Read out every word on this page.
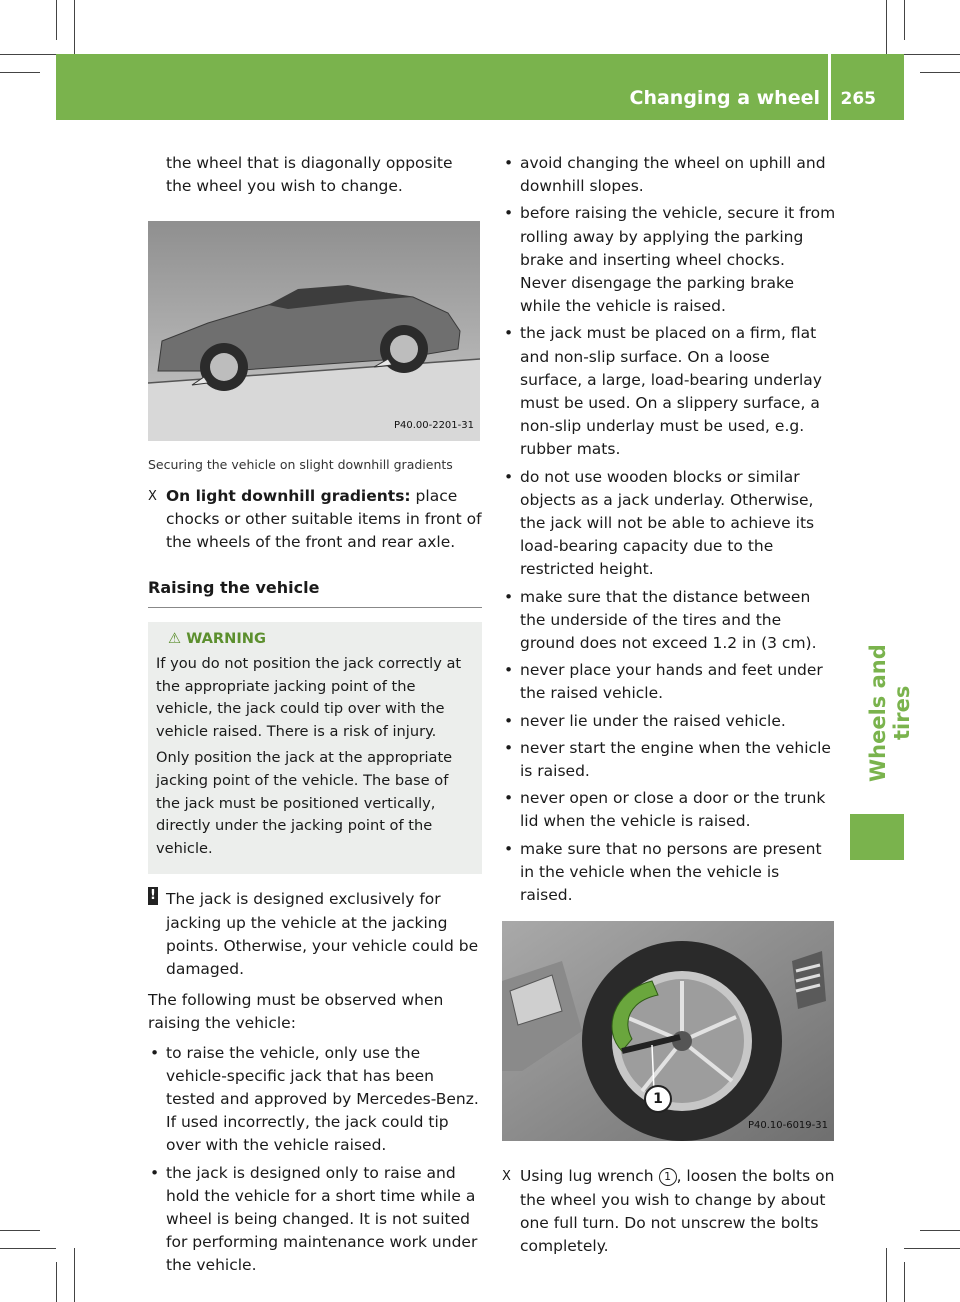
Changing a wheel 265
Wheels and tires

the wheel that is diagonally opposite the wheel you wish to change.

P40.00-2201-31

Securing the vehicle on slight downhill gradients

X On light downhill gradients: place chocks or other suitable items in front of the wheels of the front and rear axle.
Raising the vehicle
⚠ WARNING

If you do not position the jack correctly at the appropriate jacking point of the vehicle, the jack could tip over with the vehicle raised. There is a risk of injury.

Only position the jack at the appropriate jacking point of the vehicle. The base of the jack must be positioned vertically, directly under the jacking point of the vehicle.

! The jack is designed exclusively for jacking up the vehicle at the jacking points. Otherwise, your vehicle could be damaged.

The following must be observed when raising the vehicle:

• to raise the vehicle, only use the vehicle-specific jack that has been tested and approved by Mercedes-Benz. If used incorrectly, the jack could tip over with the vehicle raised.
• the jack is designed only to raise and hold the vehicle for a short time while a wheel is being changed. It is not suited for performing maintenance work under the vehicle.
• avoid changing the wheel on uphill and downhill slopes.
• before raising the vehicle, secure it from rolling away by applying the parking brake and inserting wheel chocks. Never disengage the parking brake while the vehicle is raised.
• the jack must be placed on a firm, flat and non-slip surface. On a loose surface, a large, load-bearing underlay must be used. On a slippery surface, a non-slip underlay must be used, e.g. rubber mats.
• do not use wooden blocks or similar objects as a jack underlay. Otherwise, the jack will not be able to achieve its load-bearing capacity due to the restricted height.
• make sure that the distance between the underside of the tires and the ground does not exceed 1.2 in (3 cm).
• never place your hands and feet under the raised vehicle.
• never lie under the raised vehicle.
• never start the engine when the vehicle is raised.
• never open or close a door or the trunk lid when the vehicle is raised.
• make sure that no persons are present in the vehicle when the vehicle is raised.
1
P40.10-6019-31
X Using lug wrench 1 , loosen the bolts on the wheel you wish to change by about one full turn. Do not unscrew the bolts completely.
